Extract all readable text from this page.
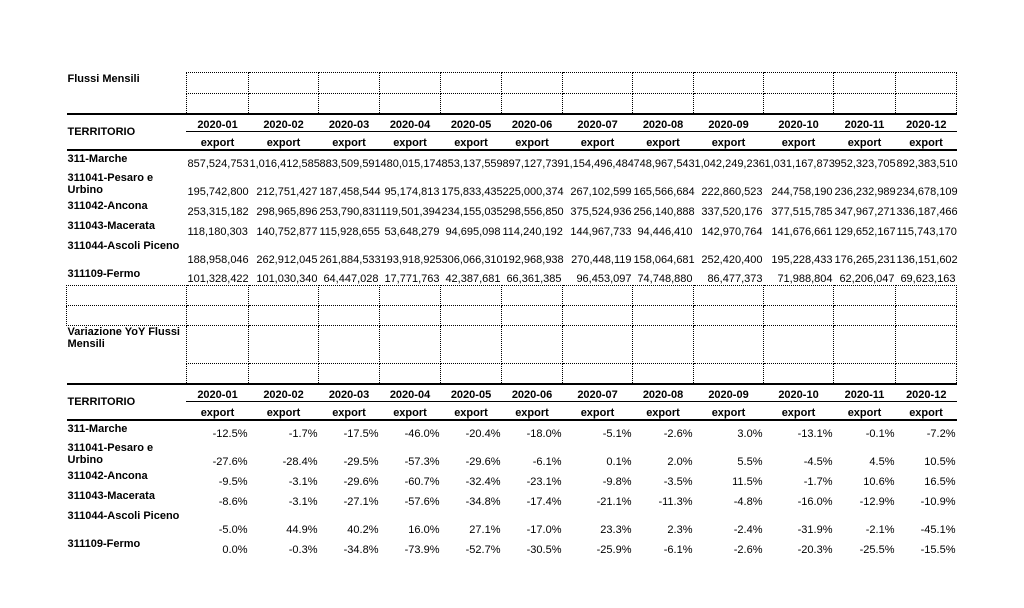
Flussi Mensili												

TERRITORIO	2020-01	2020-02	2020-03	2020-04	2020-05	2020-06	2020-07	2020-08	2020-09	2020-10	2020-11	2020-12
	export	export	export	export	export	export	export	export	export	export	export	export
311-Marche	857,524,753	1,016,412,585	883,509,591	480,015,174	853,137,559	897,127,739	1,154,496,484	748,967,543	1,042,249,236	1,031,167,873	952,323,705	892,383,510
311041-Pesaro e Urbino	195,742,800	212,751,427	187,458,544	95,174,813	175,833,435	225,000,374	267,102,599	165,566,684	222,860,523	244,758,190	236,232,989	234,678,109
311042-Ancona	253,315,182	298,965,896	253,790,831	119,501,394	234,155,035	298,556,850	375,524,936	256,140,888	337,520,176	377,515,785	347,967,271	336,187,466
311043-Macerata	118,180,303	140,752,877	115,928,655	53,648,279	94,695,098	114,240,192	144,967,733	94,446,410	142,970,764	141,676,661	129,652,167	115,743,170
311044-Ascoli Piceno	188,958,046	262,912,045	261,884,533	193,918,925	306,066,310	192,968,938	270,448,119	158,064,681	252,420,400	195,228,433	176,265,231	136,151,602
311109-Fermo	101,328,422	101,030,340	64,447,028	17,771,763	42,387,681	66,361,385	96,453,097	74,748,880	86,477,373	71,988,804	62,206,047	69,623,163

Variazione YoY Flussi Mensili												

TERRITORIO	2020-01	2020-02	2020-03	2020-04	2020-05	2020-06	2020-07	2020-08	2020-09	2020-10	2020-11	2020-12
	export	export	export	export	export	export	export	export	export	export	export	export
311-Marche	-12.5%	-1.7%	-17.5%	-46.0%	-20.4%	-18.0%	-5.1%	-2.6%	3.0%	-13.1%	-0.1%	-7.2%
311041-Pesaro e Urbino	-27.6%	-28.4%	-29.5%	-57.3%	-29.6%	-6.1%	0.1%	2.0%	5.5%	-4.5%	4.5%	10.5%
311042-Ancona	-9.5%	-3.1%	-29.6%	-60.7%	-32.4%	-23.1%	-9.8%	-3.5%	11.5%	-1.7%	10.6%	16.5%
311043-Macerata	-8.6%	-3.1%	-27.1%	-57.6%	-34.8%	-17.4%	-21.1%	-11.3%	-4.8%	-16.0%	-12.9%	-10.9%
311044-Ascoli Piceno	-5.0%	44.9%	40.2%	16.0%	27.1%	-17.0%	23.3%	2.3%	-2.4%	-31.9%	-2.1%	-45.1%
311109-Fermo	0.0%	-0.3%	-34.8%	-73.9%	-52.7%	-30.5%	-25.9%	-6.1%	-2.6%	-20.3%	-25.5%	-15.5%
